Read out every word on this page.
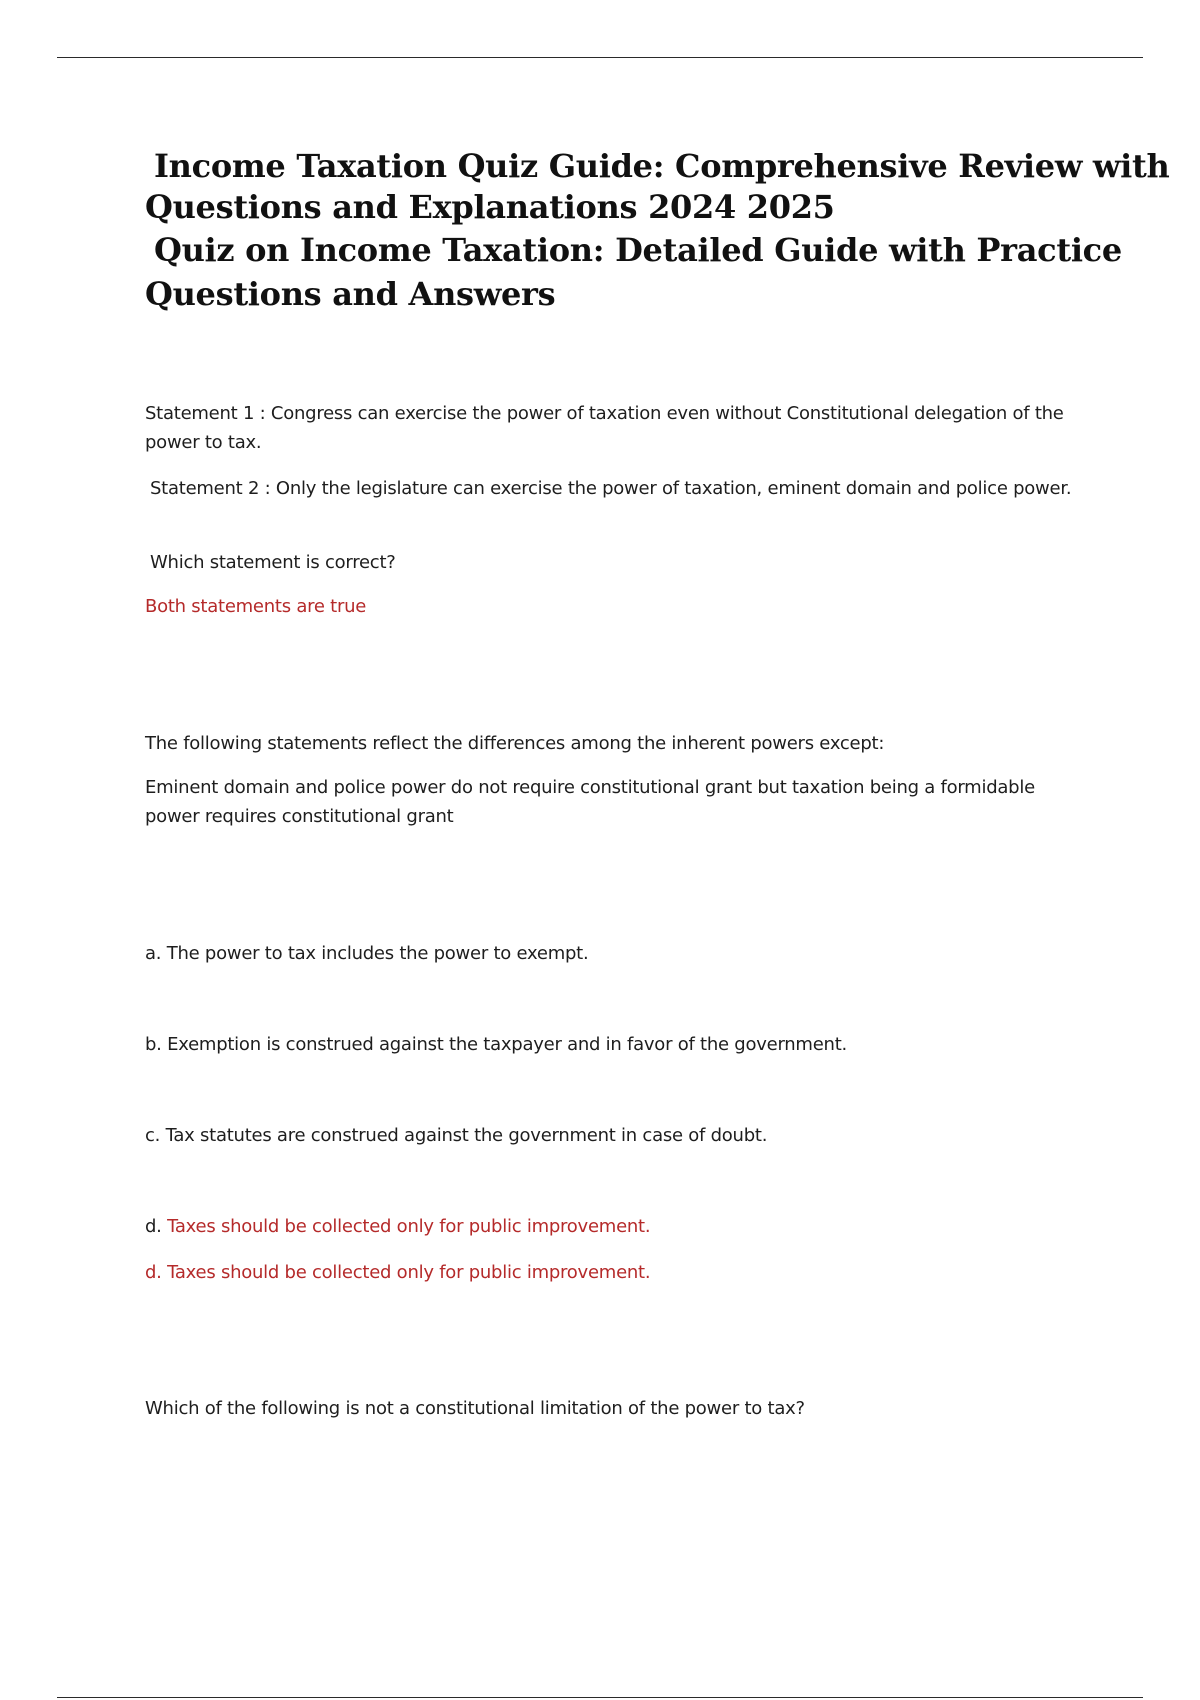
Income Taxation Quiz Guide: Comprehensive Review with
Questions and Explanations 2024 2025
Quiz on Income Taxation: Detailed Guide with Practice
Questions and Answers
Statement 1 : Congress can exercise the power of taxation even without Constitutional delegation of the power to tax.
Statement 2 : Only the legislature can exercise the power of taxation, eminent domain and police power.
Which statement is correct?
Both statements are true
The following statements reflect the differences among the inherent powers except:
Eminent domain and police power do not require constitutional grant but taxation being a formidable power requires constitutional grant
a. The power to tax includes the power to exempt.
b. Exemption is construed against the taxpayer and in favor of the government.
c. Tax statutes are construed against the government in case of doubt.
d. Taxes should be collected only for public improvement.
d. Taxes should be collected only for public improvement.
Which of the following is not a constitutional limitation of the power to tax?
